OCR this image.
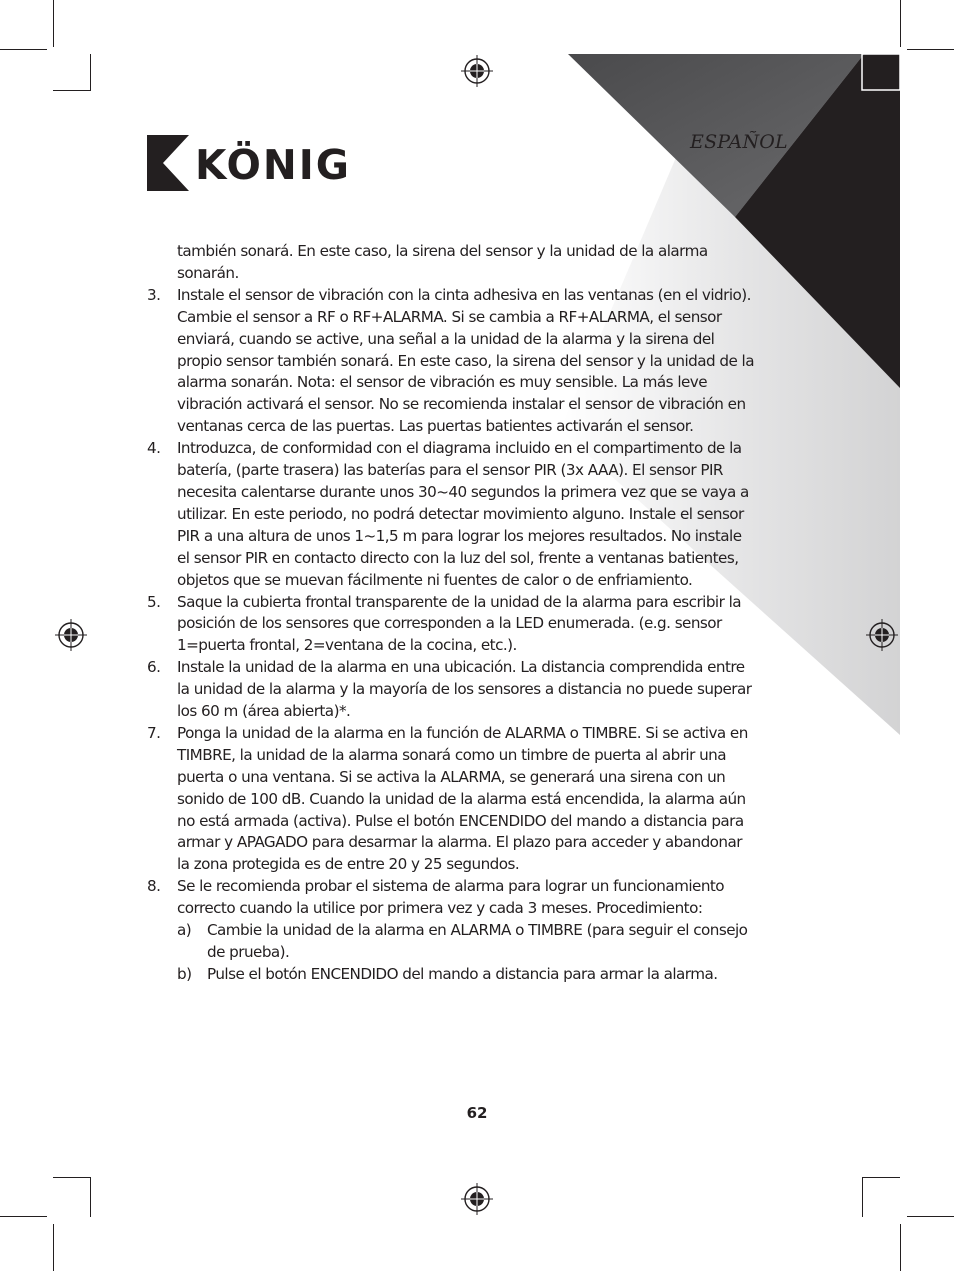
KÖNIG	ESPAÑOL

también sonará. En este caso, la sirena del sensor y la unidad de la alarma sonarán.

3. Instale el sensor de vibración con la cinta adhesiva en las ventanas (en el vidrio). Cambie el sensor a RF o RF+ALARMA. Si se cambia a RF+ALARMA, el sensor enviará, cuando se active, una señal a la unidad de la alarma y la sirena del propio sensor también sonará. En este caso, la sirena del sensor y la unidad de la alarma sonarán. Nota: el sensor de vibración es muy sensible. La más leve vibración activará el sensor. No se recomienda instalar el sensor de vibración en ventanas cerca de las puertas. Las puertas batientes activarán el sensor.
4. Introduzca, de conformidad con el diagrama incluido en el compartimento de la batería, (parte trasera) las baterías para el sensor PIR (3x AAA). El sensor PIR necesita calentarse durante unos 30~40 segundos la primera vez que se vaya a utilizar. En este periodo, no podrá detectar movimiento alguno. Instale el sensor PIR a una altura de unos 1~1,5 m para lograr los mejores resultados. No instale el sensor PIR en contacto directo con la luz del sol, frente a ventanas batientes, objetos que se muevan fácilmente ni fuentes de calor o de enfriamiento.
5. Saque la cubierta frontal transparente de la unidad de la alarma para escribir la posición de los sensores que corresponden a la LED enumerada. (e.g. sensor 1=puerta frontal, 2=ventana de la cocina, etc.).
6. Instale la unidad de la alarma en una ubicación. La distancia comprendida entre la unidad de la alarma y la mayoría de los sensores a distancia no puede superar los 60 m (área abierta)*.
7. Ponga la unidad de la alarma en la función de ALARMA o TIMBRE. Si se activa en TIMBRE, la unidad de la alarma sonará como un timbre de puerta al abrir una puerta o una ventana. Si se activa la ALARMA, se generará una sirena con un sonido de 100 dB. Cuando la unidad de la alarma está encendida, la alarma aún no está armada (activa). Pulse el botón ENCENDIDO del mando a distancia para armar y APAGADO para desarmar la alarma. El plazo para acceder y abandonar la zona protegida es de entre 20 y 25 segundos.
8. Se le recomienda probar el sistema de alarma para lograr un funcionamiento correcto cuando la utilice por primera vez y cada 3 meses. Procedimiento:
a) Cambie la unidad de la alarma en ALARMA o TIMBRE (para seguir el consejo de prueba).
b) Pulse el botón ENCENDIDO del mando a distancia para armar la alarma.
62
